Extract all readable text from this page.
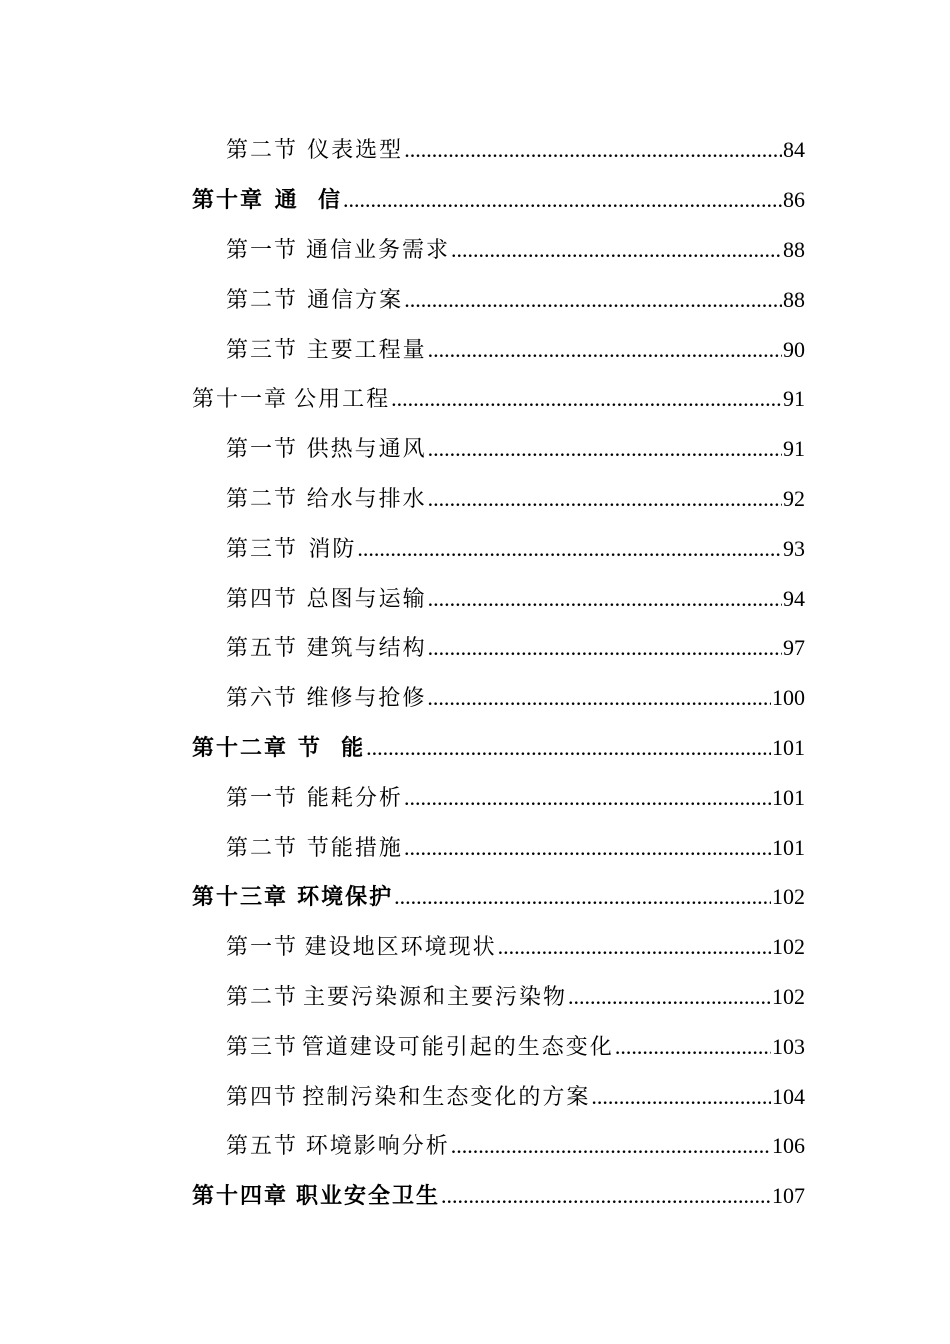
第二节 仪表选型 .....	84
第十章 通  信 .....	86
第一节 通信业务需求 .....	88
第二节 通信方案 .....	88
第三节 主要工程量 .....	90
第十一章 公用工程 .....	91
第一节 供热与通风 .....	91
第二节 给水与排水 .....	92
第三节 消防 .....	93
第四节 总图与运输 .....	94
第五节 建筑与结构 .....	97
第六节 维修与抢修 .....	100
第十二章 节  能 .....	101
第一节 能耗分析 .....	101
第二节 节能措施 .....	101
第十三章 环境保护 .....	102
第一节 建设地区环境现状 .....	102
第二节 主要污染源和主要污染物 .....	102
第三节 管道建设可能引起的生态变化 .....	103
第四节 控制污染和生态变化的方案 .....	104
第五节 环境影响分析 .....	106
第十四章 职业安全卫生 .....	107
